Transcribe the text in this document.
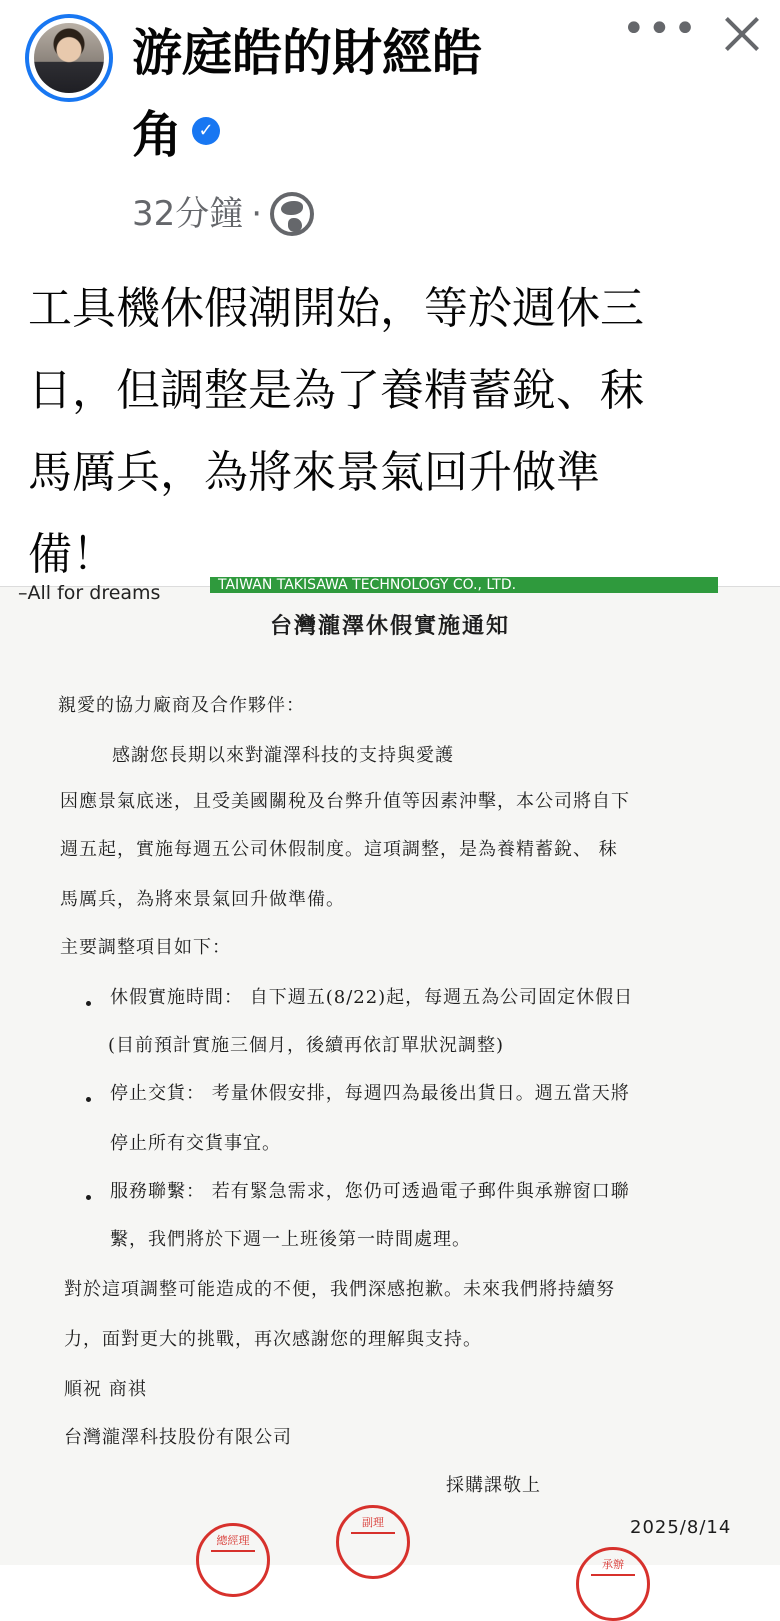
游庭皓的財經皓
角 ✓
32分鐘 ·
•••
工具機休假潮開始，等於週休三
日，但調整是為了養精蓄銳、秣
馬厲兵，為將來景氣回升做準
備！
–All for dreams	TAIWAN TAKISAWA TECHNOLOGY CO., LTD.
台灣瀧澤休假實施通知
親愛的協力廠商及合作夥伴：
感謝您長期以來對瀧澤科技的支持與愛護
因應景氣底迷，且受美國關稅及台弊升值等因素沖擊，本公司將自下
週五起，實施每週五公司休假制度。這項調整，是為養精蓄銳、 秣
馬厲兵，為將來景氣回升做準備。
主要調整項目如下：
休假實施時間： 自下週五(8/22)起，每週五為公司固定休假日
(目前預計實施三個月，後續再依訂單狀況調整)
停止交貨： 考量休假安排，每週四為最後出貨日。週五當天將
停止所有交貨事宜。
服務聯繫： 若有緊急需求，您仍可透過電子郵件與承辦窗口聯
繫，我們將於下週一上班後第一時間處理。
對於這項調整可能造成的不便，我們深感抱歉。未來我們將持續努
力，面對更大的挑戰，再次感謝您的理解與支持。
順祝 商祺
台灣瀧澤科技股份有限公司
採購課敬上
2025/8/14
總經理
副理
承辦
